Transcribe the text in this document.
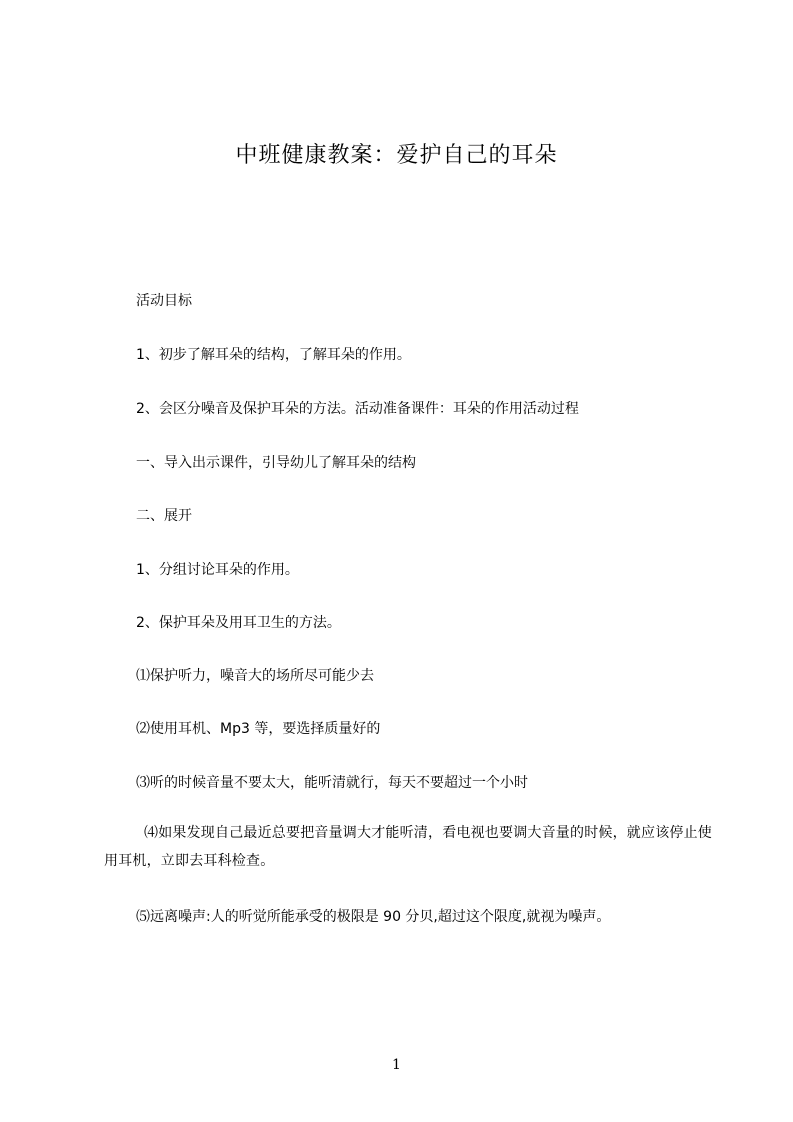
中班健康教案：爱护自己的耳朵
活动目标
1、初步了解耳朵的结构，了解耳朵的作用。
2、会区分噪音及保护耳朵的方法。活动准备课件：耳朵的作用活动过程
一、导入出示课件，引导幼儿了解耳朵的结构
二、展开
1、分组讨论耳朵的作用。
2、保护耳朵及用耳卫生的方法。
⑴保护听力，噪音大的场所尽可能少去
⑵使用耳机、Mp3 等，要选择质量好的
⑶听的时候音量不要太大，能听清就行，每天不要超过一个小时
⑷如果发现自己最近总要把音量调大才能听清，看电视也要调大音量的时候，就应该停止使用耳机，立即去耳科检查。
⑸远离噪声:人的听觉所能承受的极限是 90 分贝,超过这个限度,就视为噪声。
1
